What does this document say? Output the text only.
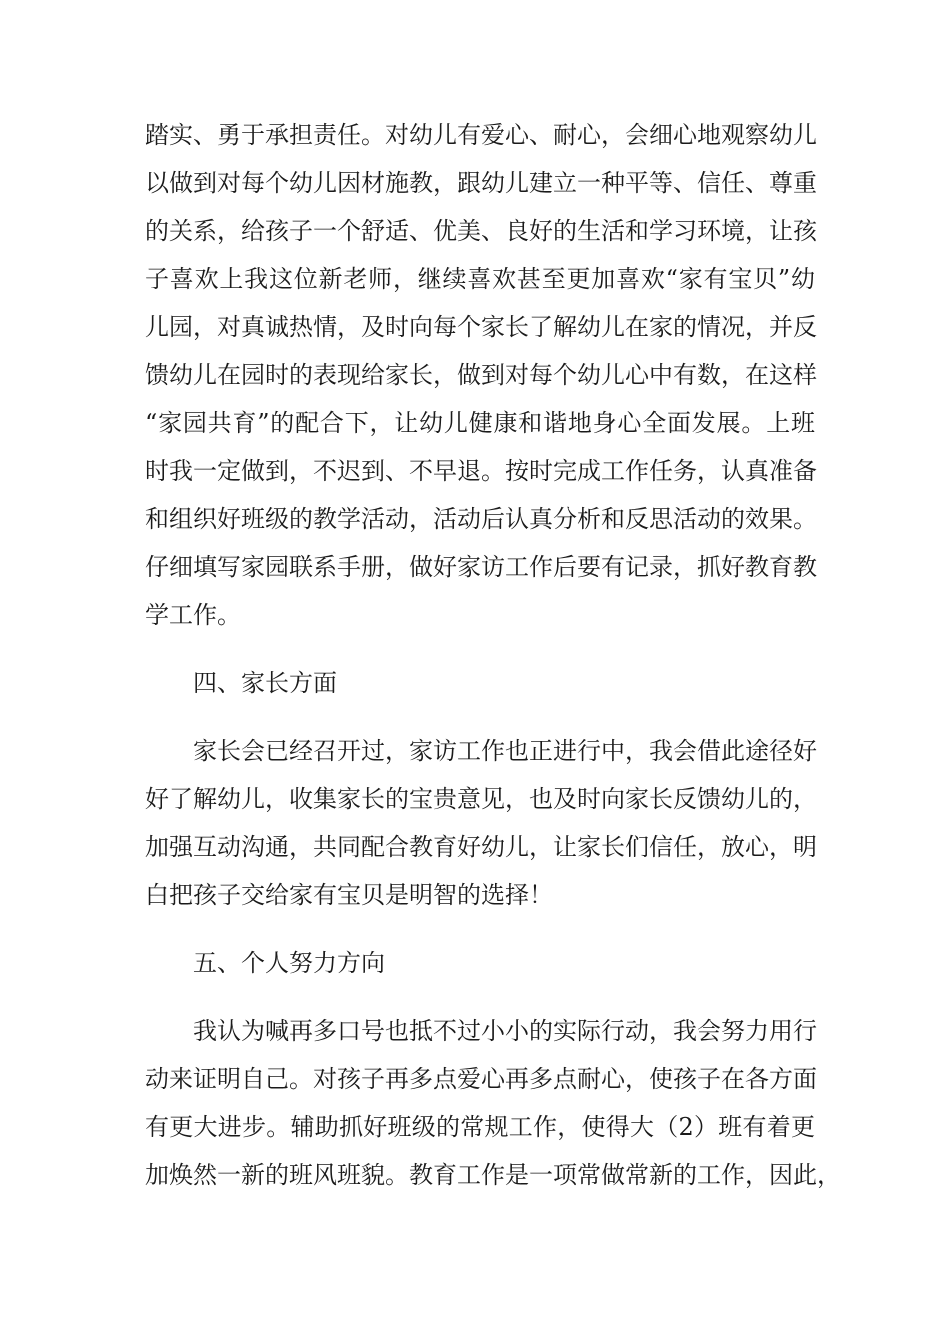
踏实、勇于承担责任。对幼儿有爱心、耐心，会细心地观察幼儿
以做到对每个幼儿因材施教，跟幼儿建立一种平等、信任、尊重
的关系，给孩子一个舒适、优美、良好的生活和学习环境，让孩
子喜欢上我这位新老师，继续喜欢甚至更加喜欢“家有宝贝”幼
儿园，对真诚热情，及时向每个家长了解幼儿在家的情况，并反
馈幼儿在园时的表现给家长，做到对每个幼儿心中有数，在这样
“家园共育”的配合下，让幼儿健康和谐地身心全面发展。上班
时我一定做到，不迟到、不早退。按时完成工作任务，认真准备
和组织好班级的教学活动，活动后认真分析和反思活动的效果。
仔细填写家园联系手册，做好家访工作后要有记录，抓好教育教
学工作。
四、家长方面
家长会已经召开过，家访工作也正进行中，我会借此途径好
好了解幼儿，收集家长的宝贵意见，也及时向家长反馈幼儿的，
加强互动沟通，共同配合教育好幼儿，让家长们信任，放心，明
白把孩子交给家有宝贝是明智的选择！
五、个人努力方向
我认为喊再多口号也抵不过小小的实际行动，我会努力用行
动来证明自己。对孩子再多点爱心再多点耐心，使孩子在各方面
有更大进步。辅助抓好班级的常规工作，使得大（2）班有着更
加焕然一新的班风班貌。教育工作是一项常做常新的工作，因此，
